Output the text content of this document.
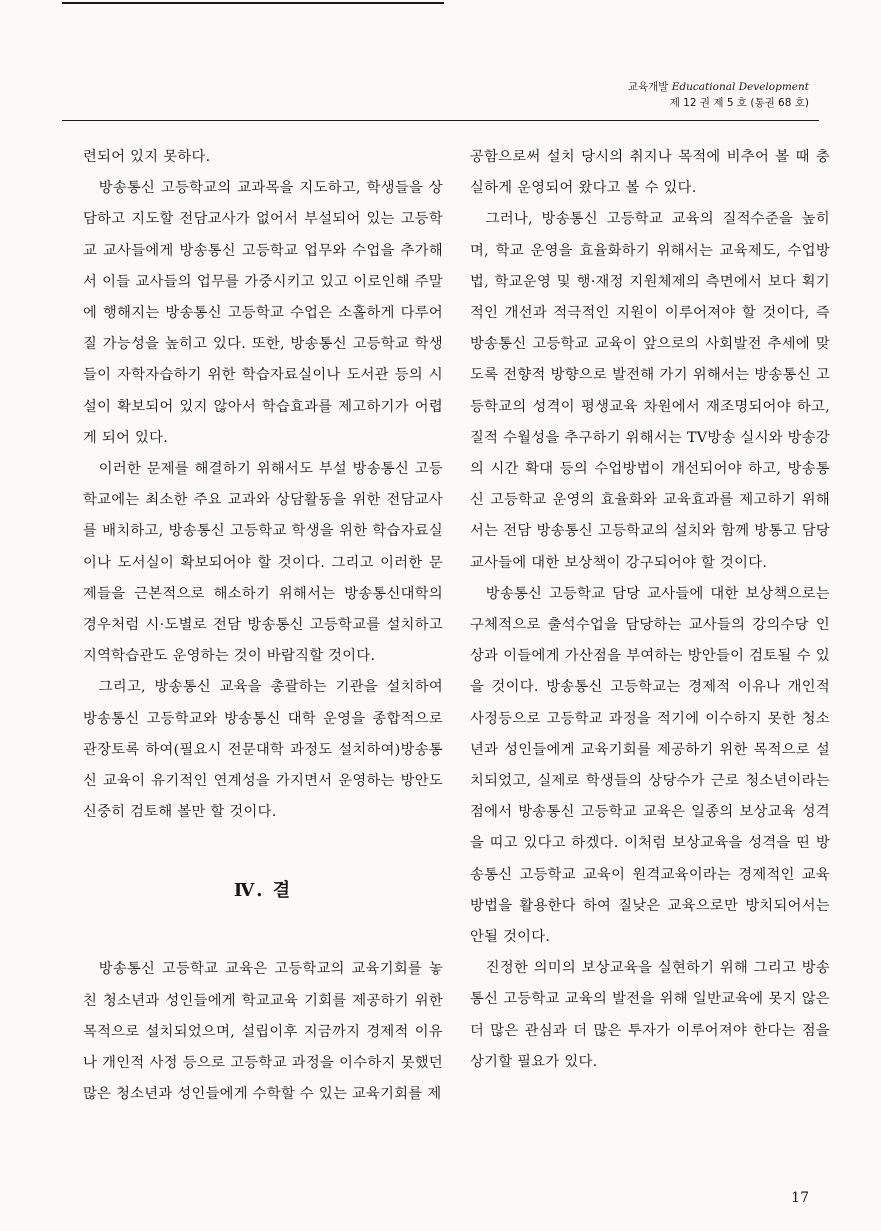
교육개발 Educational Development
제 12 권 제 5 호 (통권 68 호)

련되어 있지 못하다.

방송통신 고등학교의 교과목을 지도하고, 학생들을 상담하고 지도할 전담교사가 없어서 부설되어 있는 고등학교 교사들에게 방송통신 고등학교 업무와 수업을 추가해서 이들 교사들의 업무를 가중시키고 있고 이로인해 주말에 행해지는 방송통신 고등학교 수업은 소홀하게 다루어질 가능성을 높히고 있다. 또한, 방송통신 고등학교 학생들이 자학자습하기 위한 학습자료실이나 도서관 등의 시설이 확보되어 있지 않아서 학습효과를 제고하기가 어렵게 되어 있다.

이러한 문제를 해결하기 위해서도 부설 방송통신 고등학교에는 최소한 주요 교과와 상담활동을 위한 전담교사를 배치하고, 방송통신 고등학교 학생을 위한 학습자료실이나 도서실이 확보되어야 할 것이다. 그리고 이러한 문제들을 근본적으로 해소하기 위해서는 방송통신대학의 경우처럼 시·도별로 전담 방송통신 고등학교를 설치하고 지역학습관도 운영하는 것이 바람직할 것이다.

그리고, 방송통신 교육을 총괄하는 기관을 설치하여 방송통신 고등학교와 방송통신 대학 운영을 종합적으로 관장토록 하여(필요시 전문대학 과정도 설치하여)방송통신 교육이 유기적인 연계성을 가지면서 운영하는 방안도 신중히 검토해 볼만 할 것이다.

Ⅳ. 결

방송통신 고등학교 교육은 고등학교의 교육기회를 놓친 청소년과 성인들에게 학교교육 기회를 제공하기 위한 목적으로 설치되었으며, 설립이후 지금까지 경제적 이유나 개인적 사정 등으로 고등학교 과정을 이수하지 못했던 많은 청소년과 성인들에게 수학할 수 있는 교육기회를 제

공함으로써 설치 당시의 취지나 목적에 비추어 볼 때 충실하게 운영되어 왔다고 볼 수 있다.

그러나, 방송통신 고등학교 교육의 질적수준을 높히며, 학교 운영을 효율화하기 위해서는 교육제도, 수업방법, 학교운영 및 행·재정 지원체제의 측면에서 보다 획기적인 개선과 적극적인 지원이 이루어져야 할 것이다, 즉 방송통신 고등학교 교육이 앞으로의 사회발전 추세에 맞도록 전향적 방향으로 발전해 가기 위해서는 방송통신 고등학교의 성격이 평생교육 차원에서 재조명되어야 하고, 질적 수월성을 추구하기 위해서는 TV방송 실시와 방송강의 시간 확대 등의 수업방법이 개선되어야 하고, 방송통신 고등학교 운영의 효율화와 교육효과를 제고하기 위해서는 전담 방송통신 고등학교의 설치와 함께 방통고 담당 교사들에 대한 보상책이 강구되어야 할 것이다.

방송통신 고등학교 담당 교사들에 대한 보상책으로는 구체적으로 출석수업을 담당하는 교사들의 강의수당 인상과 이들에게 가산점을 부여하는 방안들이 검토될 수 있을 것이다. 방송통신 고등학교는 경제적 이유나 개인적 사정등으로 고등학교 과정을 적기에 이수하지 못한 청소년과 성인들에게 교육기회를 제공하기 위한 목적으로 설치되었고, 실제로 학생들의 상당수가 근로 청소년이라는 점에서 방송통신 고등학교 교육은 일종의 보상교육 성격을 띠고 있다고 하겠다. 이처럼 보상교육을 성격을 띤 방송통신 고등학교 교육이 원격교육이라는 경제적인 교육방법을 활용한다 하여 질낮은 교육으로만 방치되어서는 안될 것이다.

진정한 의미의 보상교육을 실현하기 위해 그리고 방송통신 고등학교 교육의 발전을 위해 일반교육에 못지 않은 더 많은 관심과 더 많은 투자가 이루어져야 한다는 점을 상기할 필요가 있다.

17
